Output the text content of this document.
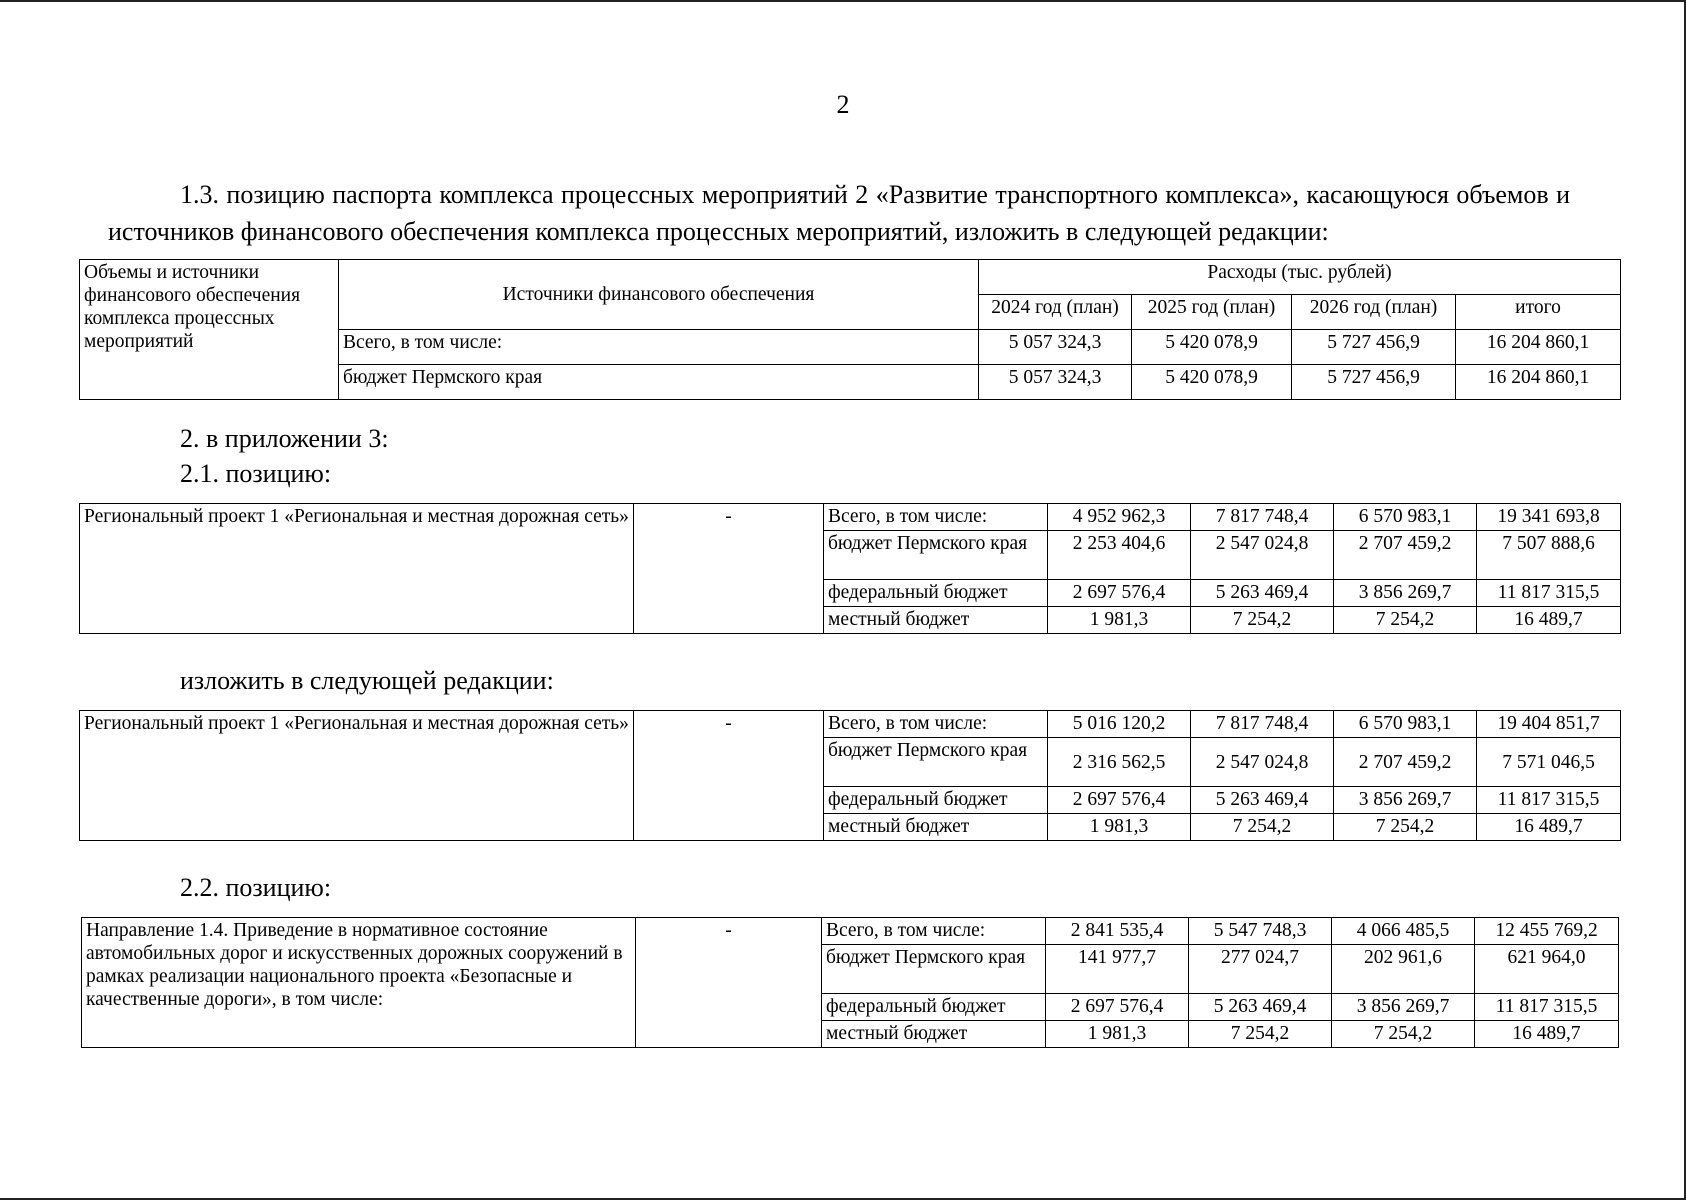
2
1.3. позицию паспорта комплекса процессных мероприятий 2 «Развитие транспортного комплекса», касающуюся объемов и источников финансового обеспечения комплекса процессных мероприятий, изложить в следующей редакции:
Объемы и источники финансового обеспечения комплекса процессных мероприятий	Источники финансового обеспечения	Расходы (тыс. рублей)			
		2024 год (план)	2025 год (план)	2026 год (план)	итого
	Всего, в том числе:	5 057 324,3	5 420 078,9	5 727 456,9	16 204 860,1
	бюджет Пермского края	5 057 324,3	5 420 078,9	5 727 456,9	16 204 860,1
2. в приложении 3:
2.1. позицию:
Региональный проект 1 «Региональная и местная дорожная сеть»	-	Всего, в том числе:	4 952 962,3	7 817 748,4	6 570 983,1	19 341 693,8
		бюджет Пермского края	2 253 404,6	2 547 024,8	2 707 459,2	7 507 888,6
		федеральный бюджет	2 697 576,4	5 263 469,4	3 856 269,7	11 817 315,5
		местный бюджет	1 981,3	7 254,2	7 254,2	16 489,7
изложить в следующей редакции:
Региональный проект 1 «Региональная и местная дорожная сеть»	-	Всего, в том числе:	5 016 120,2	7 817 748,4	6 570 983,1	19 404 851,7
		бюджет Пермского края	2 316 562,5	2 547 024,8	2 707 459,2	7 571 046,5
		федеральный бюджет	2 697 576,4	5 263 469,4	3 856 269,7	11 817 315,5
		местный бюджет	1 981,3	7 254,2	7 254,2	16 489,7
2.2. позицию:
Направление 1.4. Приведение в нормативное состояние автомобильных дорог и искусственных дорожных сооружений в рамках реализации национального проекта «Безопасные и качественные дороги», в том числе:	-	Всего, в том числе:	2 841 535,4	5 547 748,3	4 066 485,5	12 455 769,2
		бюджет Пермского края	141 977,7	277 024,7	202 961,6	621 964,0
		федеральный бюджет	2 697 576,4	5 263 469,4	3 856 269,7	11 817 315,5
		местный бюджет	1 981,3	7 254,2	7 254,2	16 489,7
